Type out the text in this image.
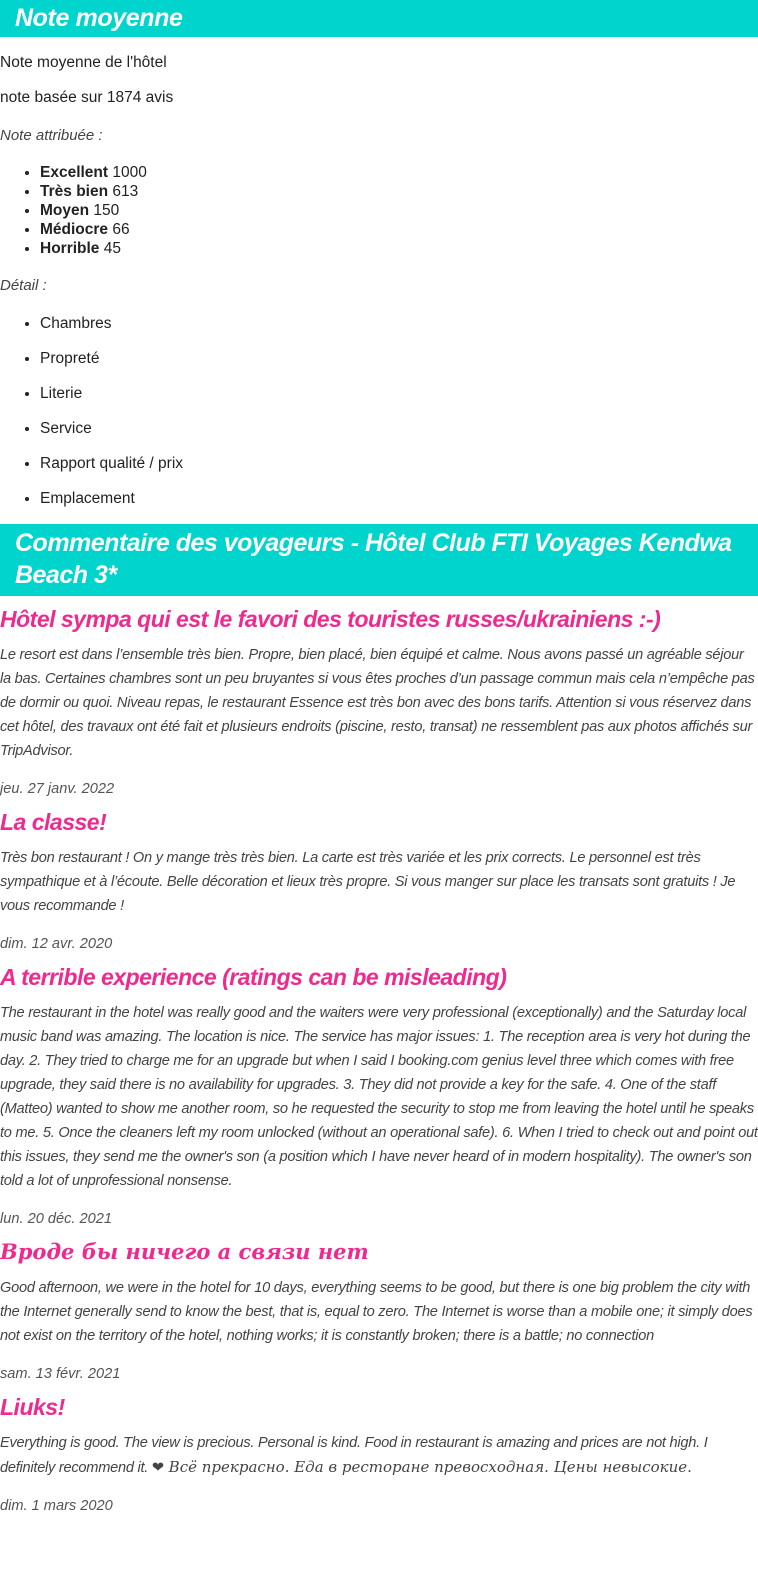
Note moyenne

Note moyenne de l'hôtel

note basée sur 1874 avis

Note attribuée :

• Excellent 1000
• Très bien 613
• Moyen 150
• Médiocre 66
• Horrible 45

Détail :

• Chambres
• Propreté
• Literie
• Service
• Rapport qualité / prix
• Emplacement
Commentaire des voyageurs - Hôtel Club FTI Voyages Kendwa Beach 3*
Hôtel sympa qui est le favori des touristes russes/ukrainiens :-)

Le resort est dans l’ensemble très bien. Propre, bien placé, bien équipé et calme. Nous avons passé un agréable séjour la bas. Certaines chambres sont un peu bruyantes si vous êtes proches d’un passage commun mais cela n’empêche pas de dormir ou quoi. Niveau repas, le restaurant Essence est très bon avec des bons tarifs. Attention si vous réservez dans cet hôtel, des travaux ont été fait et plusieurs endroits (piscine, resto, transat) ne ressemblent pas aux photos affichés sur TripAdvisor.

jeu. 27 janv. 2022

La classe!

Très bon restaurant ! On y mange très très bien. La carte est très variée et les prix corrects. Le personnel est très sympathique et à l’écoute. Belle décoration et lieux très propre. Si vous manger sur place les transats sont gratuits ! Je vous recommande !

dim. 12 avr. 2020

A terrible experience (ratings can be misleading)

The restaurant in the hotel was really good and the waiters were very professional (exceptionally) and the Saturday local music band was amazing. The location is nice. The service has major issues: 1. The reception area is very hot during the day. 2. They tried to charge me for an upgrade but when I said I booking.com genius level three which comes with free upgrade, they said there is no availability for upgrades. 3. They did not provide a key for the safe. 4. One of the staff (Matteo) wanted to show me another room, so he requested the security to stop me from leaving the hotel until he speaks to me. 5. Once the cleaners left my room unlocked (without an operational safe). 6. When I tried to check out and point out this issues, they send me the owner's son (a position which I have never heard of in modern hospitality). The owner's son told a lot of unprofessional nonsense.

lun. 20 déc. 2021

Вроде бы ничего а связи нет

Good afternoon, we were in the hotel for 10 days, everything seems to be good, but there is one big problem the city with the Internet generally send to know the best, that is, equal to zero. The Internet is worse than a mobile one; it simply does not exist on the territory of the hotel, nothing works; it is constantly broken; there is a battle; no connection

sam. 13 févr. 2021

Liuks!

Everything is good. The view is precious. Personal is kind. Food in restaurant is amazing and prices are not high. I definitely recommend it. ❤ Всё прекрасно. Еда в ресторане превосходная. Цены невысокие.

dim. 1 mars 2020
